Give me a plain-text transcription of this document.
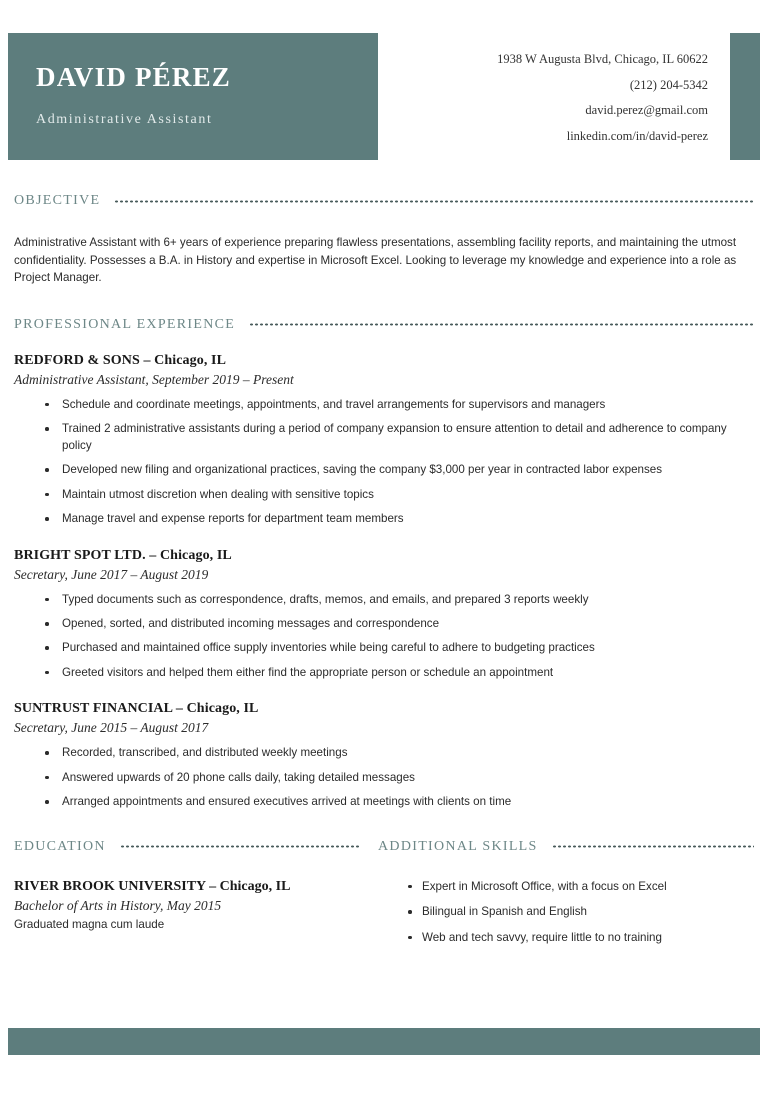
DAVID PÉREZ
Administrative Assistant
1938 W Augusta Blvd, Chicago, IL 60622
(212) 204-5342
david.perez@gmail.com
linkedin.com/in/david-perez
OBJECTIVE

Administrative Assistant with 6+ years of experience preparing flawless presentations, assembling facility reports, and maintaining the utmost confidentiality. Possesses a B.A. in History and expertise in Microsoft Excel. Looking to leverage my knowledge and experience into a role as Project Manager.

PROFESSIONAL EXPERIENCE
REDFORD & SONS – Chicago, IL
Administrative Assistant, September 2019 – Present
Schedule and coordinate meetings, appointments, and travel arrangements for supervisors and managers
Trained 2 administrative assistants during a period of company expansion to ensure attention to detail and adherence to company policy
Developed new filing and organizational practices, saving the company $3,000 per year in contracted labor expenses
Maintain utmost discretion when dealing with sensitive topics
Manage travel and expense reports for department team members
BRIGHT SPOT LTD. – Chicago, IL
Secretary, June 2017 – August 2019
Typed documents such as correspondence, drafts, memos, and emails, and prepared 3 reports weekly
Opened, sorted, and distributed incoming messages and correspondence
Purchased and maintained office supply inventories while being careful to adhere to budgeting practices
Greeted visitors and helped them either find the appropriate person or schedule an appointment
SUNTRUST FINANCIAL – Chicago, IL
Secretary, June 2015 – August 2017
Recorded, transcribed, and distributed weekly meetings
Answered upwards of 20 phone calls daily, taking detailed messages
Arranged appointments and ensured executives arrived at meetings with clients on time
EDUCATION
RIVER BROOK UNIVERSITY – Chicago, IL
Bachelor of Arts in History, May 2015
Graduated magna cum laude
ADDITIONAL SKILLS
Expert in Microsoft Office, with a focus on Excel
Bilingual in Spanish and English
Web and tech savvy, require little to no training
